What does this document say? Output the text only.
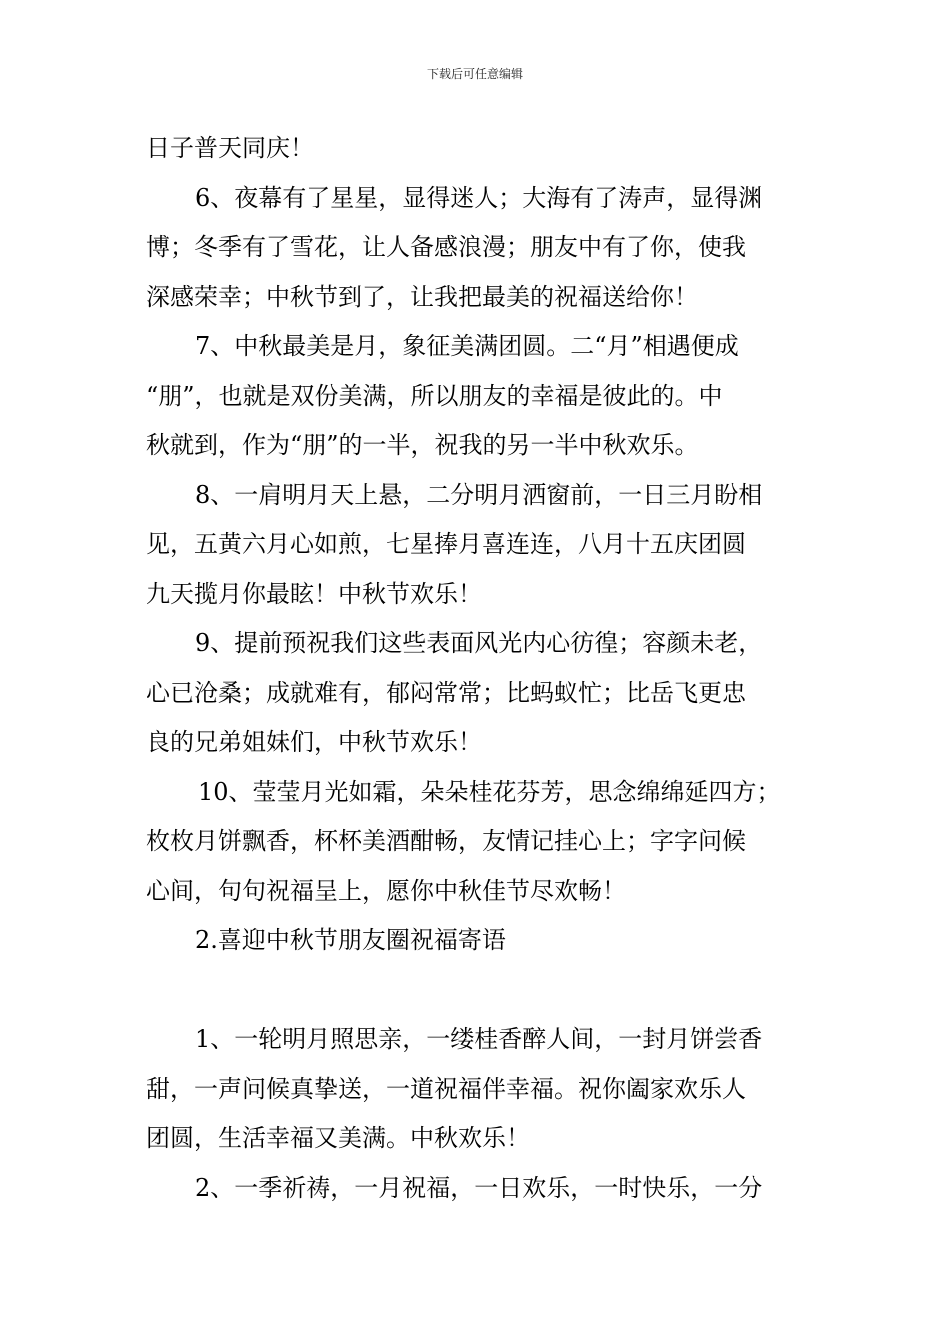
下载后可任意编辑
日子普天同庆！
6、夜幕有了星星，显得迷人；大海有了涛声，显得渊
博；冬季有了雪花，让人备感浪漫；朋友中有了你，使我
深感荣幸；中秋节到了，让我把最美的祝福送给你！
7、中秋最美是月，象征美满团圆。二“月”相遇便成
“朋”，也就是双份美满，所以朋友的幸福是彼此的。中
秋就到，作为“朋”的一半，祝我的另一半中秋欢乐。
8、一肩明月天上悬，二分明月洒窗前，一日三月盼相
见，五黄六月心如煎，七星捧月喜连连，八月十五庆团圆
九天揽月你最眩！中秋节欢乐！
9、提前预祝我们这些表面风光内心彷徨；容颜未老，
心已沧桑；成就难有，郁闷常常；比蚂蚁忙；比岳飞更忠
良的兄弟姐妹们，中秋节欢乐！
10、莹莹月光如霜，朵朵桂花芬芳，思念绵绵延四方；
枚枚月饼飘香，杯杯美酒酣畅，友情记挂心上；字字问候
心间，句句祝福呈上，愿你中秋佳节尽欢畅！
2.喜迎中秋节朋友圈祝福寄语
1、一轮明月照思亲，一缕桂香醉人间，一封月饼尝香
甜，一声问候真挚送，一道祝福伴幸福。祝你阖家欢乐人
团圆，生活幸福又美满。中秋欢乐！
2、一季祈祷，一月祝福，一日欢乐，一时快乐，一分
